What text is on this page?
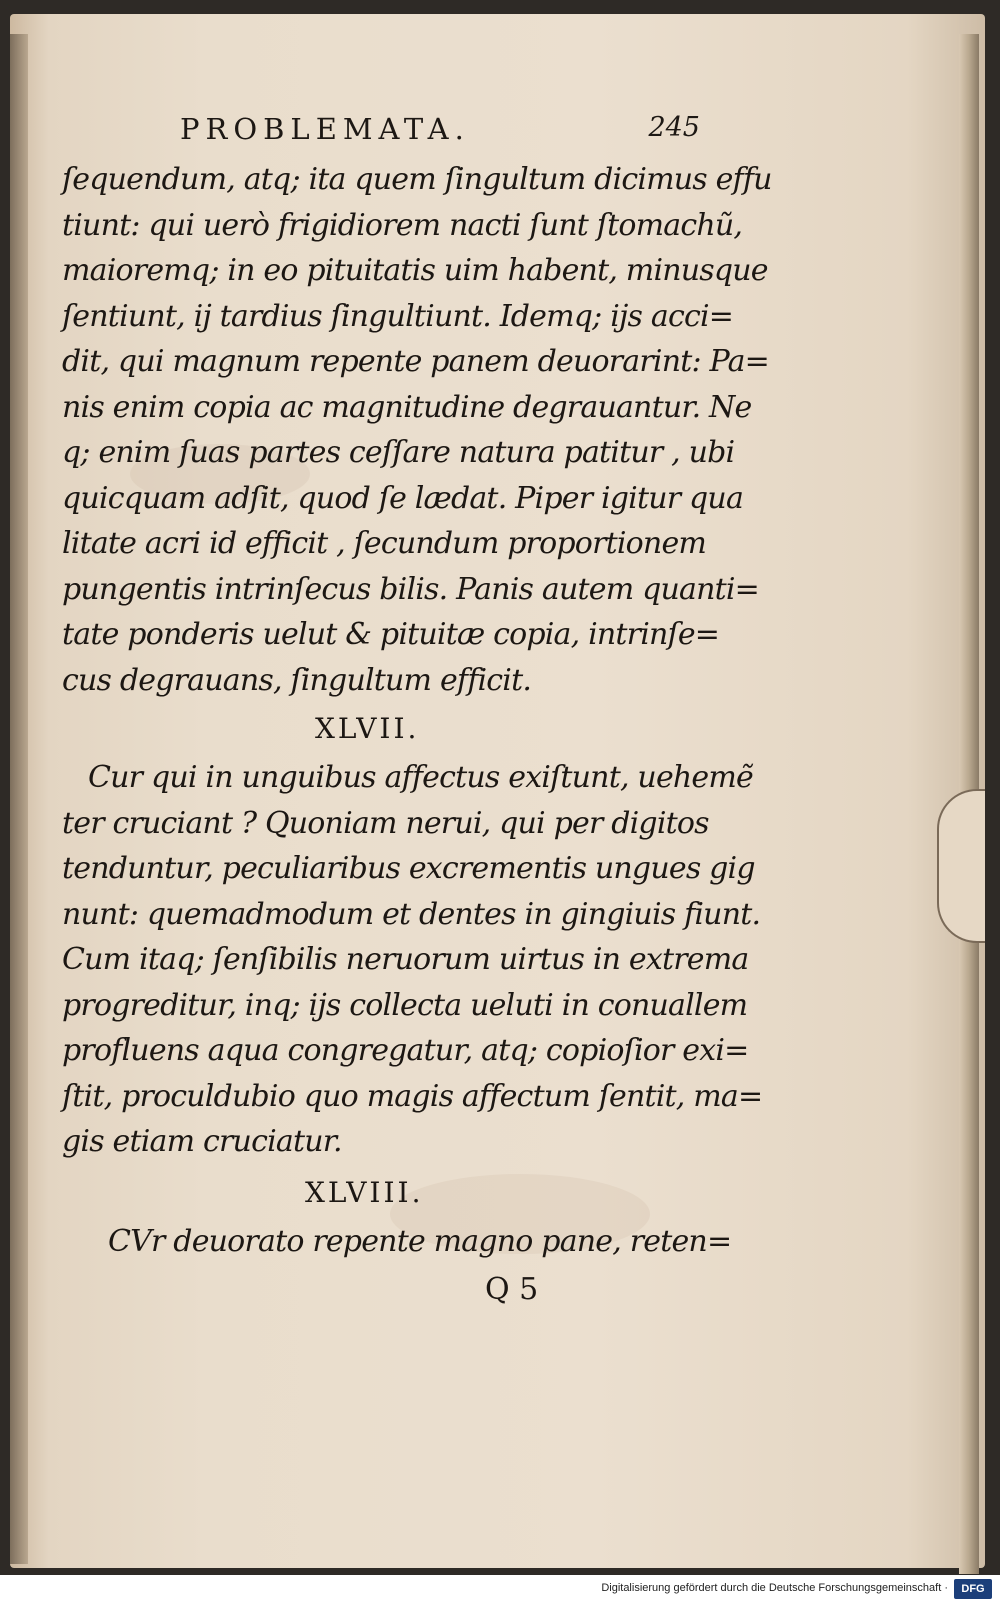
PROBLEMATA.	245
ſequendum, atq; ita quem ſingultum dicimus effu
tiunt: qui uerò frigidiorem nacti ſunt ſtomachũ,
maioremq; in eo pituitatis uim habent, minusque
ſentiunt, ij tardius ſingultiunt. Idemq; ijs acci=
dit, qui magnum repente panem deuorarint: Pa=
nis enim copia ac magnitudine degrauantur. Ne
q; enim ſuas partes ceſſare natura patitur , ubi
quicquam adſit, quod ſe lædat. Piper igitur qua
litate acri id efficit , ſecundum proportionem
pungentis intrinſecus bilis. Panis autem quanti=
tate ponderis uelut & pituitæ copia, intrinſe=
cus degrauans, ſingultum efficit.
XLVII.
Cur qui in unguibus affectus exiſtunt, uehemẽ
ter cruciant ? Quoniam nerui, qui per digitos
tenduntur, peculiaribus excrementis ungues gig
nunt: quemadmodum et dentes in gingiuis fiunt.
Cum itaq; ſenſibilis neruorum uirtus in extrema
progreditur, inq; ijs collecta ueluti in conuallem
profluens aqua congregatur, atq; copioſior exi=
ſtit, proculdubio quo magis affectum ſentit, ma=
gis etiam cruciatur.
XLVIII.
CVr deuorato repente magno pane, reten=
Q 5
Digitalisierung gefördert durch die Deutsche Forschungsgemeinschaft ·	DFG
